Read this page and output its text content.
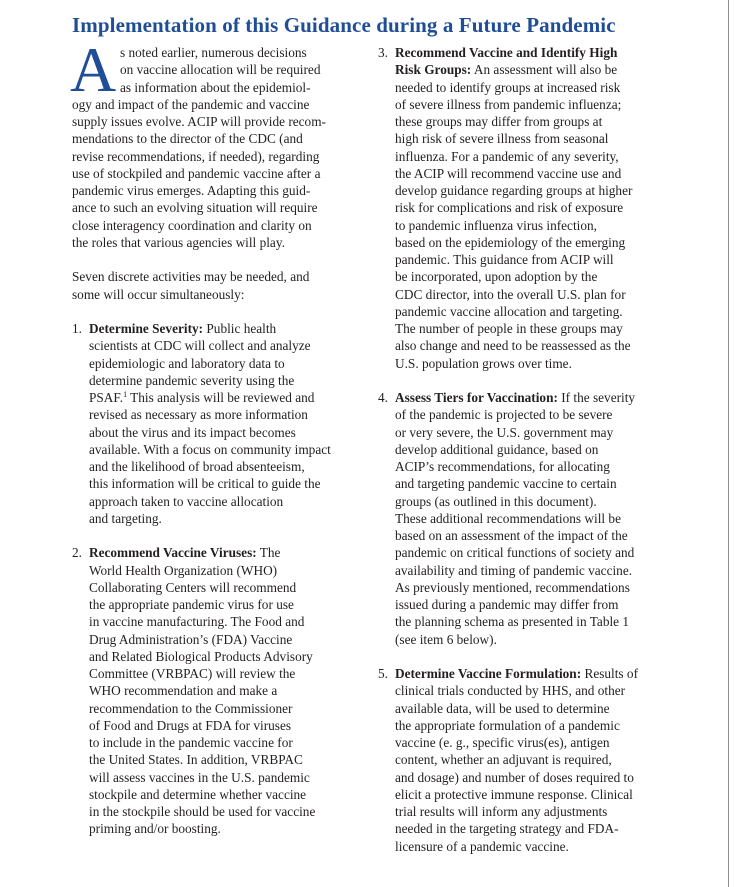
Implementation of this Guidance during a Future Pandemic
A s noted earlier, numerous decisions
on vaccine allocation will be required
as information about the epidemiol-
ogy and impact of the pandemic and vaccine
supply issues evolve. ACIP will provide recom-
mendations to the director of the CDC (and
revise recommendations, if needed), regarding
use of stockpiled and pandemic vaccine after a
pandemic virus emerges. Adapting this guid-
ance to such an evolving situation will require
close interagency coordination and clarity on
the roles that various agencies will play.
Seven discrete activities may be needed, and
some will occur simultaneously:
1. Determine Severity: Public health
scientists at CDC will collect and analyze
epidemiologic and laboratory data to
determine pandemic severity using the
PSAF.$^1$ This analysis will be reviewed and
revised as necessary as more information
about the virus and its impact becomes
available. With a focus on community impact
and the likelihood of broad absenteeism,
this information will be critical to guide the
approach taken to vaccine allocation
and targeting.
2. Recommend Vaccine Viruses: The
World Health Organization (WHO)
Collaborating Centers will recommend
the appropriate pandemic virus for use
in vaccine manufacturing. The Food and
Drug Administration’s (FDA) Vaccine
and Related Biological Products Advisory
Committee (VRBPAC) will review the
WHO recommendation and make a
recommendation to the Commissioner
of Food and Drugs at FDA for viruses
to include in the pandemic vaccine for
the United States. In addition, VRBPAC
will assess vaccines in the U.S. pandemic
stockpile and determine whether vaccine
in the stockpile should be used for vaccine
priming and/or boosting.
3. Recommend Vaccine and Identify High
Risk Groups: An assessment will also be
needed to identify groups at increased risk
of severe illness from pandemic influenza;
these groups may differ from groups at
high risk of severe illness from seasonal
influenza. For a pandemic of any severity,
the ACIP will recommend vaccine use and
develop guidance regarding groups at higher
risk for complications and risk of exposure
to pandemic influenza virus infection,
based on the epidemiology of the emerging
pandemic. This guidance from ACIP will
be incorporated, upon adoption by the
CDC director, into the overall U.S. plan for
pandemic vaccine allocation and targeting.
The number of people in these groups may
also change and need to be reassessed as the
U.S. population grows over time.
4. Assess Tiers for Vaccination: If the severity
of the pandemic is projected to be severe
or very severe, the U.S. government may
develop additional guidance, based on
ACIP’s recommendations, for allocating
and targeting pandemic vaccine to certain
groups (as outlined in this document).
These additional recommendations will be
based on an assessment of the impact of the
pandemic on critical functions of society and
availability and timing of pandemic vaccine.
As previously mentioned, recommendations
issued during a pandemic may differ from
the planning schema as presented in Table 1
(see item 6 below).
5. Determine Vaccine Formulation: Results of
clinical trials conducted by HHS, and other
available data, will be used to determine
the appropriate formulation of a pandemic
vaccine (e. g., specific virus(es), antigen
content, whether an adjuvant is required,
and dosage) and number of doses required to
elicit a protective immune response. Clinical
trial results will inform any adjustments
needed in the targeting strategy and FDA-
licensure of a pandemic vaccine.
